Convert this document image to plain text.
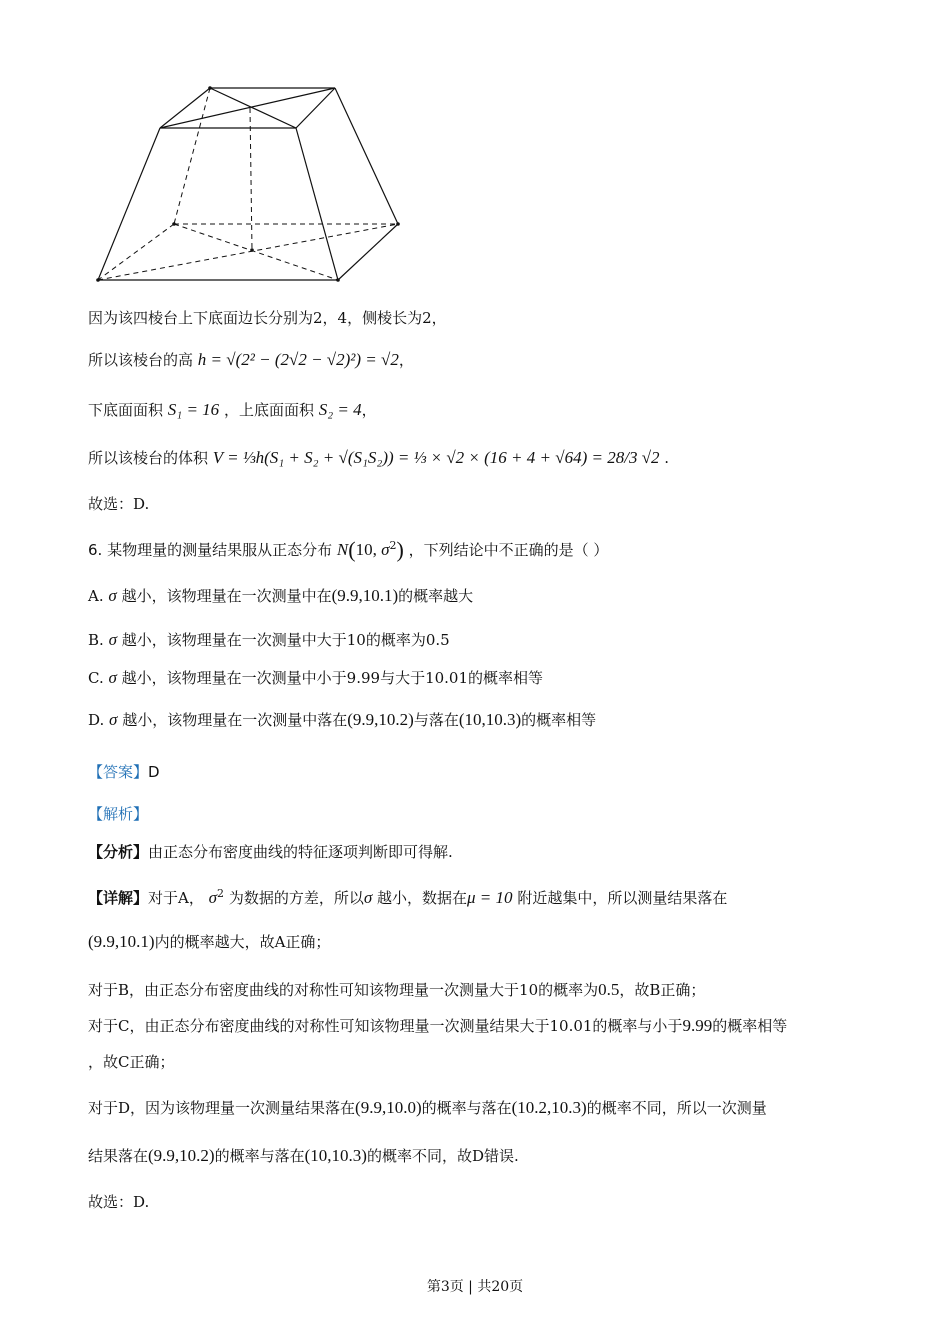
因为该四棱台上下底面边长分别为2，4，侧棱长为2，
所以该棱台的高 h = √(2² − (2√2 − √2)²) = √2，
下底面面积 S₁ = 16 ，上底面面积 S₂ = 4，
所以该棱台的体积 V = ⅓h(S₁ + S₂ + √(S₁S₂)) = ⅓ × √2 × (16 + 4 + √64) = 28/3 √2 .
故选：D.
6. 某物理量的测量结果服从正态分布 N(10, $\sigma^2$) ，下列结论中不正确的是（ ）
A. σ 越小，该物理量在一次测量中在(9.9,10.1)的概率越大
B. σ 越小，该物理量在一次测量中大于10的概率为0.5
C. σ 越小，该物理量在一次测量中小于9.99与大于10.01的概率相等
D. σ 越小，该物理量在一次测量中落在(9.9,10.2)与落在(10,10.3)的概率相等
【答案】D
【解析】
【分析】由正态分布密度曲线的特征逐项判断即可得解.
【详解】对于A， $\sigma^2$ 为数据的方差，所以σ 越小，数据在μ = 10 附近越集中，所以测量结果落在
(9.9,10.1)内的概率越大，故A正确；
对于B，由正态分布密度曲线的对称性可知该物理量一次测量大于10的概率为0.5，故B正确；
对于C，由正态分布密度曲线的对称性可知该物理量一次测量结果大于10.01的概率与小于9.99的概率相等
，故C正确；
对于D，因为该物理量一次测量结果落在(9.9,10.0)的概率与落在(10.2,10.3)的概率不同，所以一次测量
结果落在(9.9,10.2)的概率与落在(10,10.3)的概率不同，故D错误.
故选：D.
第3页 | 共20页
